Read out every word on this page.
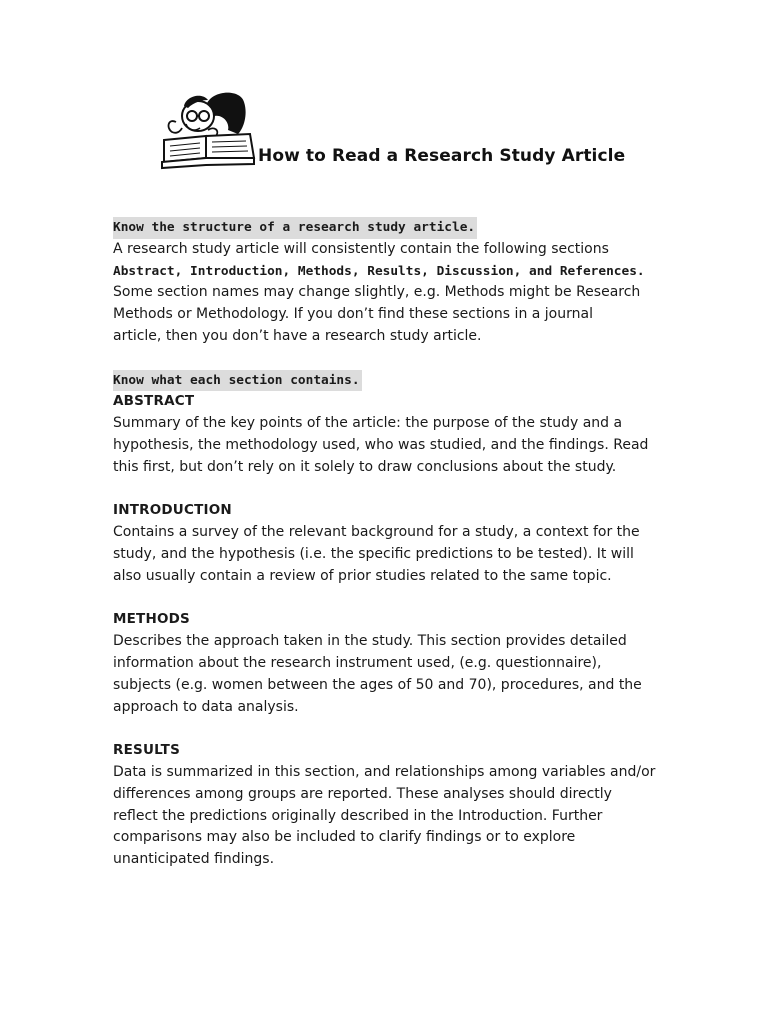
How to Read a Research Study Article
Know the structure of a research study article.
A research study article will consistently contain the following sections
Abstract, Introduction, Methods, Results, Discussion, and References.
Some section names may change slightly, e.g. Methods might be Research
Methods or Methodology. If you don’t find these sections in a journal
article, then you don’t have a research study article.
Know what each section contains.
ABSTRACT
Summary of the key points of the article: the purpose of the study and a
hypothesis, the methodology used, who was studied, and the findings. Read
this first, but don’t rely on it solely to draw conclusions about the study.
INTRODUCTION
Contains a survey of the relevant background for a study, a context for the
study, and the hypothesis (i.e. the specific predictions to be tested). It will
also usually contain a review of prior studies related to the same topic.
METHODS
Describes the approach taken in the study. This section provides detailed
information about the research instrument used, (e.g. questionnaire),
subjects (e.g. women between the ages of 50 and 70), procedures, and the
approach to data analysis.
RESULTS
Data is summarized in this section, and relationships among variables and/or
differences among groups are reported. These analyses should directly
reflect the predictions originally described in the Introduction. Further
comparisons may also be included to clarify findings or to explore
unanticipated findings.
